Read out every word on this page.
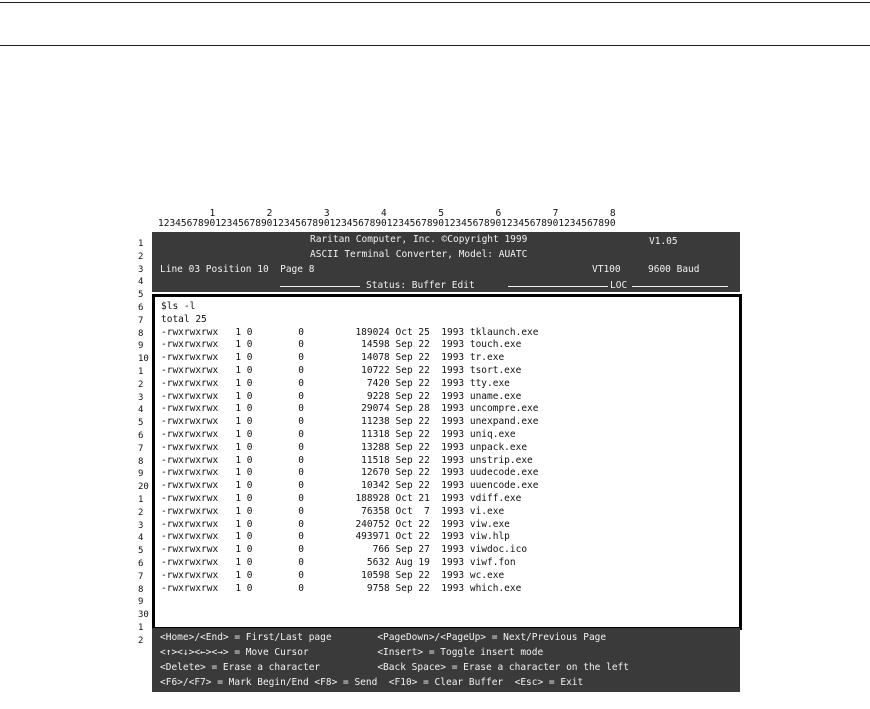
1         2         3         4         5         6         7         8
12345678901234567890123456789012345678901234567890123456789012345678901234567890
1
2
3
4
5
6
7
8
9
10
1
2
3
4
5
6
7
8
9
20
1
2
3
4
5
6
7
8
9
30
1
2
Raritan Computer, Inc. ©Copyright 1999	V1.05
ASCII Terminal Converter, Model: AUATC
Line 03 Position 10  Page 8	VT100	9600 Baud
Status: Buffer Edit	LOC
$ls -l
total 25
-rwxrwxrwx   1 0        0         189024 Oct 25  1993 tklaunch.exe
-rwxrwxrwx   1 0        0          14598 Sep 22  1993 touch.exe
-rwxrwxrwx   1 0        0          14078 Sep 22  1993 tr.exe
-rwxrwxrwx   1 0        0          10722 Sep 22  1993 tsort.exe
-rwxrwxrwx   1 0        0           7420 Sep 22  1993 tty.exe
-rwxrwxrwx   1 0        0           9228 Sep 22  1993 uname.exe
-rwxrwxrwx   1 0        0          29074 Sep 28  1993 uncompre.exe
-rwxrwxrwx   1 0        0          11238 Sep 22  1993 unexpand.exe
-rwxrwxrwx   1 0        0          11318 Sep 22  1993 uniq.exe
-rwxrwxrwx   1 0        0          13288 Sep 22  1993 unpack.exe
-rwxrwxrwx   1 0        0          11518 Sep 22  1993 unstrip.exe
-rwxrwxrwx   1 0        0          12670 Sep 22  1993 uudecode.exe
-rwxrwxrwx   1 0        0          10342 Sep 22  1993 uuencode.exe
-rwxrwxrwx   1 0        0         188928 Oct 21  1993 vdiff.exe
-rwxrwxrwx   1 0        0          76358 Oct  7  1993 vi.exe
-rwxrwxrwx   1 0        0         240752 Oct 22  1993 viw.exe
-rwxrwxrwx   1 0        0         493971 Oct 22  1993 viw.hlp
-rwxrwxrwx   1 0        0            766 Sep 27  1993 viwdoc.ico
-rwxrwxrwx   1 0        0           5632 Aug 19  1993 viwf.fon
-rwxrwxrwx   1 0        0          10598 Sep 22  1993 wc.exe
-rwxrwxrwx   1 0        0           9758 Sep 22  1993 which.exe
<Home>/<End> = First/Last page        <PageDown>/<PageUp> = Next/Previous Page
<↑><↓><←><→> = Move Cursor            <Insert> = Toggle insert mode
<Delete> = Erase a character          <Back Space> = Erase a character on the left
<F6>/<F7> = Mark Begin/End <F8> = Send  <F10> = Clear Buffer  <Esc> = Exit
